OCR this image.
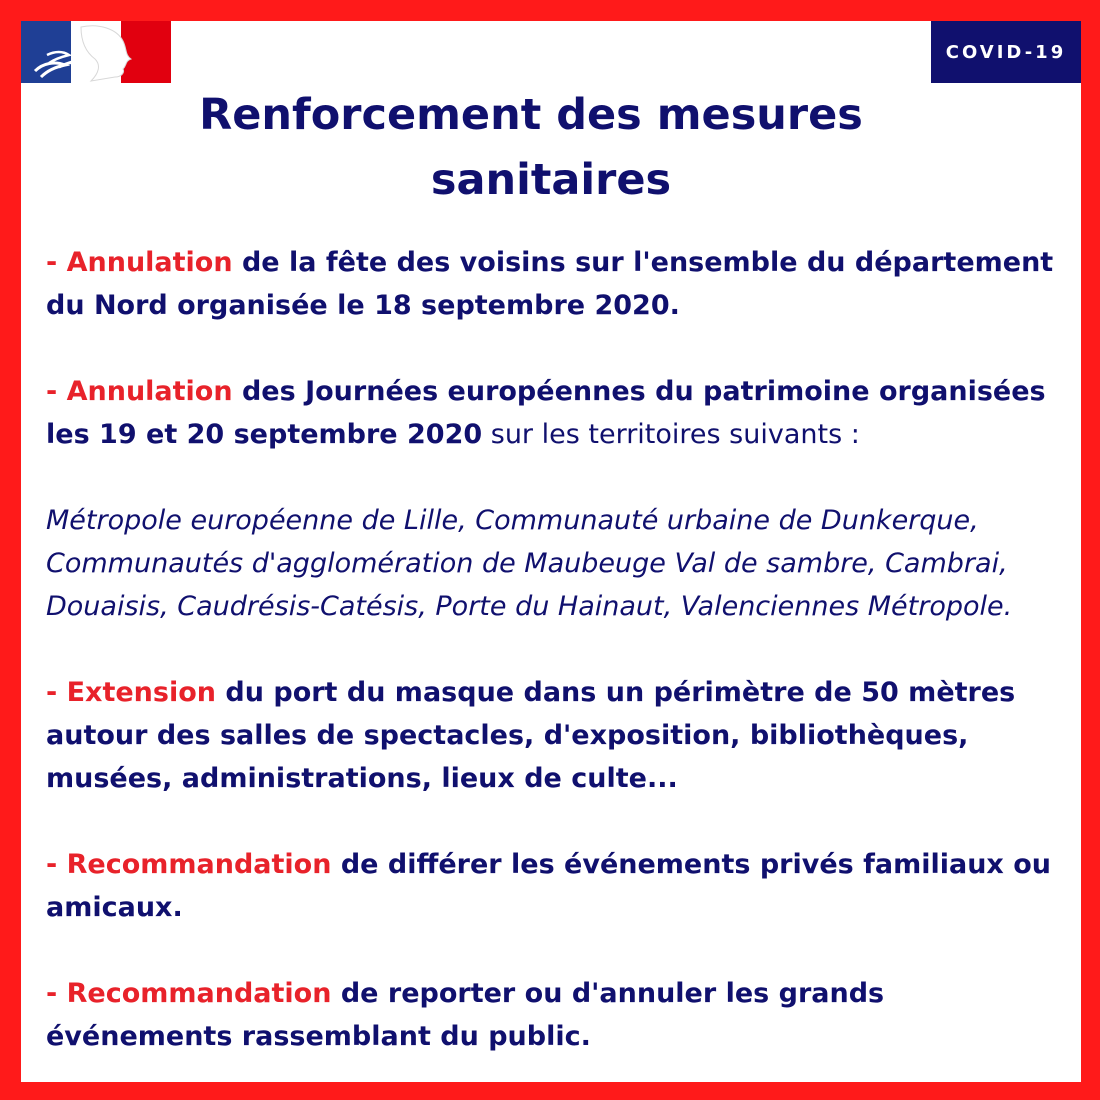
COVID-19
Renforcement des mesures
sanitaires

- Annulation de la fête des voisins sur l'ensemble du département du Nord organisée le 18 septembre 2020.

- Annulation des Journées européennes du patrimoine organisées les 19 et 20 septembre 2020 sur les territoires suivants :

Métropole européenne de Lille, Communauté urbaine de Dunkerque, Communautés d'agglomération de Maubeuge Val de sambre, Cambrai, Douaisis, Caudrésis-Catésis, Porte du Hainaut, Valenciennes Métropole.

- Extension du port du masque dans un périmètre de 50 mètres autour des salles de spectacles, d'exposition, bibliothèques, musées, administrations, lieux de culte...

- Recommandation de différer les événements privés familiaux ou amicaux.

- Recommandation de reporter ou d'annuler les grands événements rassemblant du public.
